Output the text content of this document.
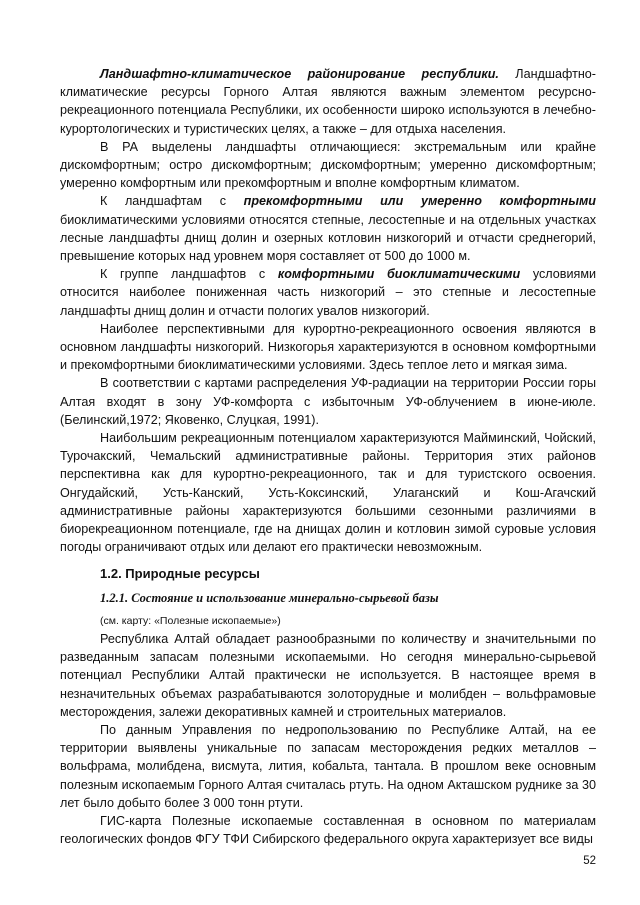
Ландшафтно-климатическое районирование республики. Ландшафтно-климатические ресурсы Горного Алтая являются важным элементом ресурсно-рекреационного потенциала Республики, их особенности широко используются в лечебно-курортологических и туристических целях, а также – для отдыха населения.

В РА выделены ландшафты отличающиеся: экстремальным или крайне дискомфортным; остро дискомфортным; дискомфортным; умеренно дискомфортным; умеренно комфортным или прекомфортным и вполне комфортным климатом.

К ландшафтам с прекомфортными или умеренно комфортными биоклиматическими условиями относятся степные, лесостепные и на отдельных участках лесные ландшафты днищ долин и озерных котловин низкогорий и отчасти среднегорий, превышение которых над уровнем моря составляет от 500 до 1000 м.

К группе ландшафтов с комфортными биоклиматическими условиями относится наиболее пониженная часть низкогорий – это степные и лесостепные ландшафты днищ долин и отчасти пологих увалов низкогорий.

Наиболее перспективными для курортно-рекреационного освоения являются в основном ландшафты низкогорий. Низкогорья характеризуются в основном комфортными и прекомфортными биоклиматическими условиями. Здесь теплое лето и мягкая зима.

В соответствии с картами распределения УФ-радиации на территории России горы Алтая входят в зону УФ-комфорта с избыточным УФ-облучением в июне-июле. (Белинский,1972; Яковенко, Слуцкая, 1991).

Наибольшим рекреационным потенциалом характеризуются Майминский, Чойский, Турочакский, Чемальский административные районы. Территория этих районов перспективна как для курортно-рекреационного, так и для туристского освоения. Онгудайский, Усть-Канский, Усть-Коксинский, Улаганский и Кош-Агачский административные районы характеризуются большими сезонными различиями в биорекреационном потенциале, где на днищах долин и котловин зимой суровые условия погоды ограничивают отдых или делают его практически невозможным.

1.2. Природные ресурсы
1.2.1. Состояние и использование минерально-сырьевой базы
(см. карту: «Полезные ископаемые»)

Республика Алтай обладает разнообразными по количеству и значительными по разведанным запасам полезными ископаемыми. Но сегодня минерально-сырьевой потенциал Республики Алтай практически не используется. В настоящее время в незначительных объемах разрабатываются золоторудные и молибден – вольфрамовые месторождения, залежи декоративных камней и строительных материалов.

По данным Управления по недропользованию по Республике Алтай, на ее территории выявлены уникальные по запасам месторождения редких металлов – вольфрама, молибдена, висмута, лития, кобальта, тантала. В прошлом веке основным полезным ископаемым Горного Алтая считалась ртуть. На одном Акташском руднике за 30 лет было добыто более 3 000 тонн ртути.

ГИС-карта Полезные ископаемые составленная в основном по материалам геологических фондов ФГУ ТФИ Сибирского федерального округа характеризует все виды

52
